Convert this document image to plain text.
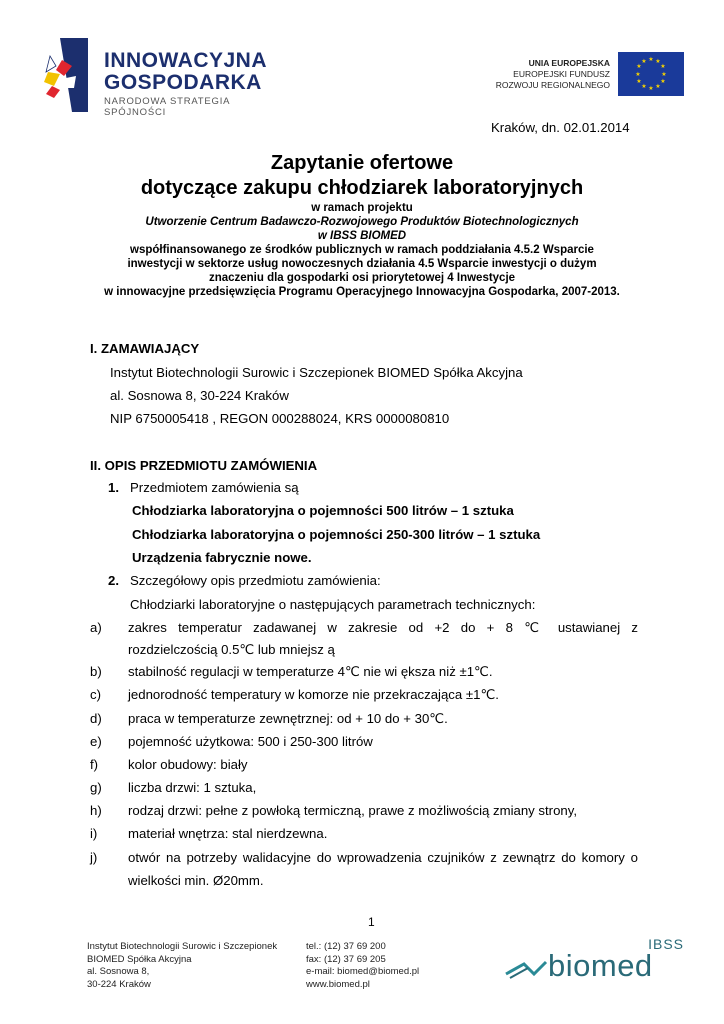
INNOWACYJNA
GOSPODARKA
NARODOWA STRATEGIA SPÓJNOŚCI
UNIA EUROPEJSKA
EUROPEJSKI FUNDUSZ
ROZWOJU REGIONALNEGO
★ ★
★
★
★
★
★
★
★
★
★
★
Kraków, dn. 02.01.2014
Zapytanie ofertowe
dotyczące zakupu chłodziarek laboratoryjnych
w ramach projektu
Utworzenie Centrum Badawczo-Rozwojowego Produktów Biotechnologicznych
w IBSS BIOMED
współfinansowanego ze środków publicznych w ramach poddziałania 4.5.2 Wsparcie
inwestycji w sektorze usług nowoczesnych działania 4.5 Wsparcie inwestycji o dużym
znaczeniu dla gospodarki osi priorytetowej 4 Inwestycje
w innowacyjne przedsięwzięcia Programu Operacyjnego Innowacyjna Gospodarka, 2007-2013.
I. ZAMAWIAJĄCY
Instytut Biotechnologii Surowic i Szczepionek BIOMED Spółka Akcyjna
al. Sosnowa 8, 30-224 Kraków
NIP 6750005418 , REGON 000288024, KRS 0000080810
II. OPIS PRZEDMIOTU ZAMÓWIENIA
1. Przedmiotem zamówienia są
Chłodziarka laboratoryjna o pojemności 500 litrów – 1 sztuka
Chłodziarka laboratoryjna o pojemności 250-300 litrów – 1 sztuka
Urządzenia fabrycznie nowe.
2. Szczegółowy opis przedmiotu zamówienia:
Chłodziarki laboratoryjne o następujących parametrach technicznych:
a) zakres temperatur zadawanej w zakresie od +2 do + 8 ℃ ustawianej z
rozdzielczością 0.5℃ lub mniejsz ą
b) stabilność regulacji w temperaturze 4℃ nie wi ększa niż ±1℃.
c) jednorodność temperatury w komorze nie przekraczająca ±1℃.
d) praca w temperaturze zewnętrznej: od + 10 do + 30℃.
e) pojemność użytkowa: 500 i 250-300 litrów
f) kolor obudowy: biały
g) liczba drzwi: 1 sztuka,
h) rodzaj drzwi: pełne z powłoką termiczną, prawe z możliwością zmiany strony,
i) materiał wnętrza: stal nierdzewna.
j) otwór na potrzeby walidacyjne do wprowadzenia czujników z zewnątrz do komory o
wielkości min. Ø20mm.
1
Instytut Biotechnologii Surowic i Szczepionek
BIOMED Spółka Akcyjna
al. Sosnowa 8,
30-224 Kraków
tel.: (12) 37 69 200
fax: (12) 37 69 205
e-mail: biomed@biomed.pl
www.biomed.pl
IBSS
biomed
